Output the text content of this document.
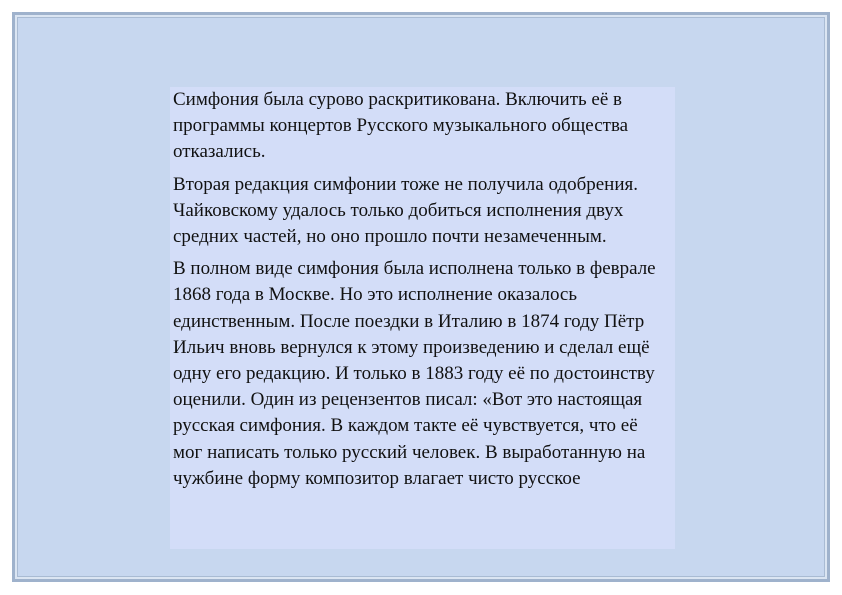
Симфония была сурово раскритикована. Включить её в программы концертов Русского музыкального общества отказались.

Вторая редакция симфонии тоже не получила одобрения. Чайковскому удалось только добиться исполнения двух средних частей, но оно прошло почти незамеченным.

В полном виде симфония была исполнена только в феврале 1868 года в Москве. Но это исполнение оказалось единственным. После поездки в Италию в 1874 году Пётр Ильич вновь вернулся к этому произведению и сделал ещё одну его редакцию. И только в 1883 году её по достоинству оценили. Один из рецензентов писал: «Вот это настоящая русская симфония. В каждом такте её чувствуется, что её мог написать только русский человек. В выработанную на чужбине форму композитор влагает чисто русское
